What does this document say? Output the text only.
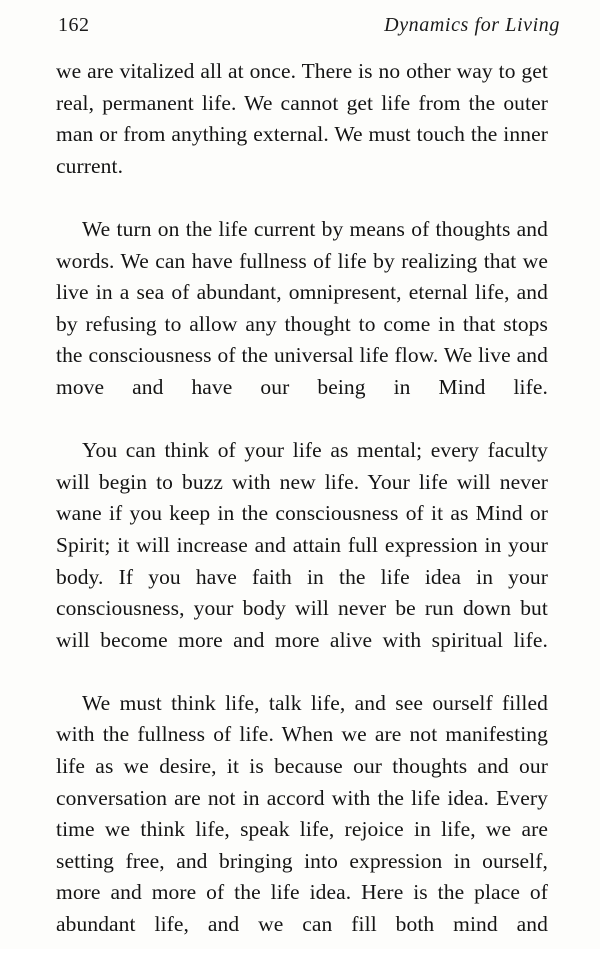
162	Dynamics for Living

we are vitalized all at once. There is no other way to get real, permanent life. We cannot get life from the outer man or from anything external. We must touch the inner current.

We turn on the life current by means of thoughts and words. We can have fullness of life by realizing that we live in a sea of abundant, omnipresent, eternal life, and by refusing to allow any thought to come in that stops the consciousness of the universal life flow. We live and move and have our being in Mind life.

You can think of your life as mental; every faculty will begin to buzz with new life. Your life will never wane if you keep in the consciousness of it as Mind or Spirit; it will increase and attain full expression in your body. If you have faith in the life idea in your consciousness, your body will never be run down but will become more and more alive with spiritual life.

We must think life, talk life, and see ourself filled with the fullness of life. When we are not manifesting life as we desire, it is because our thoughts and our conversation are not in accord with the life idea. Every time we think life, speak life, rejoice in life, we are setting free, and bringing into expression in ourself, more and more of the life idea. Here is the place of abundant life, and we can fill both mind and
